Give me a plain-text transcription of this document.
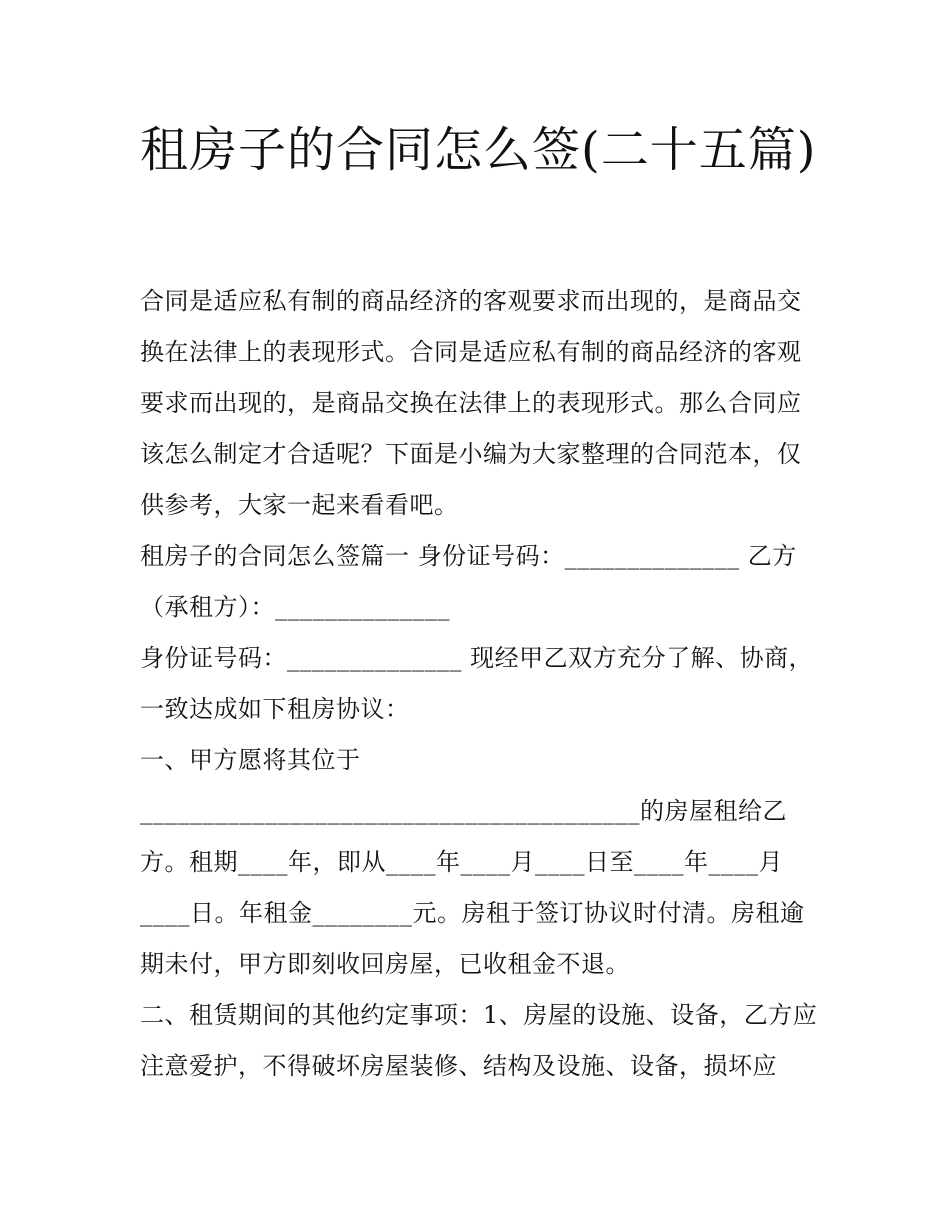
租房子的合同怎么签(二十五篇)

合同是适应私有制的商品经济的客观要求而出现的，是商品交换在法律上的表现形式。合同是适应私有制的商品经济的客观要求而出现的，是商品交换在法律上的表现形式。那么合同应该怎么制定才合适呢？下面是小编为大家整理的合同范本，仅供参考，大家一起来看看吧。

租房子的合同怎么签篇一 身份证号码：______________ 乙方（承租方）：______________

身份证号码：______________ 现经甲乙双方充分了解、协商，一致达成如下租房协议：

一、甲方愿将其位于

________________________________________的房屋租给乙方。租期____年，即从____年____月____日至____年____月____日。年租金________元。房租于签订协议时付清。房租逾期未付，甲方即刻收回房屋，已收租金不退。

二、租赁期间的其他约定事项：1、房屋的设施、设备，乙方应注意爱护，不得破坏房屋装修、结构及设施、设备，损坏应
